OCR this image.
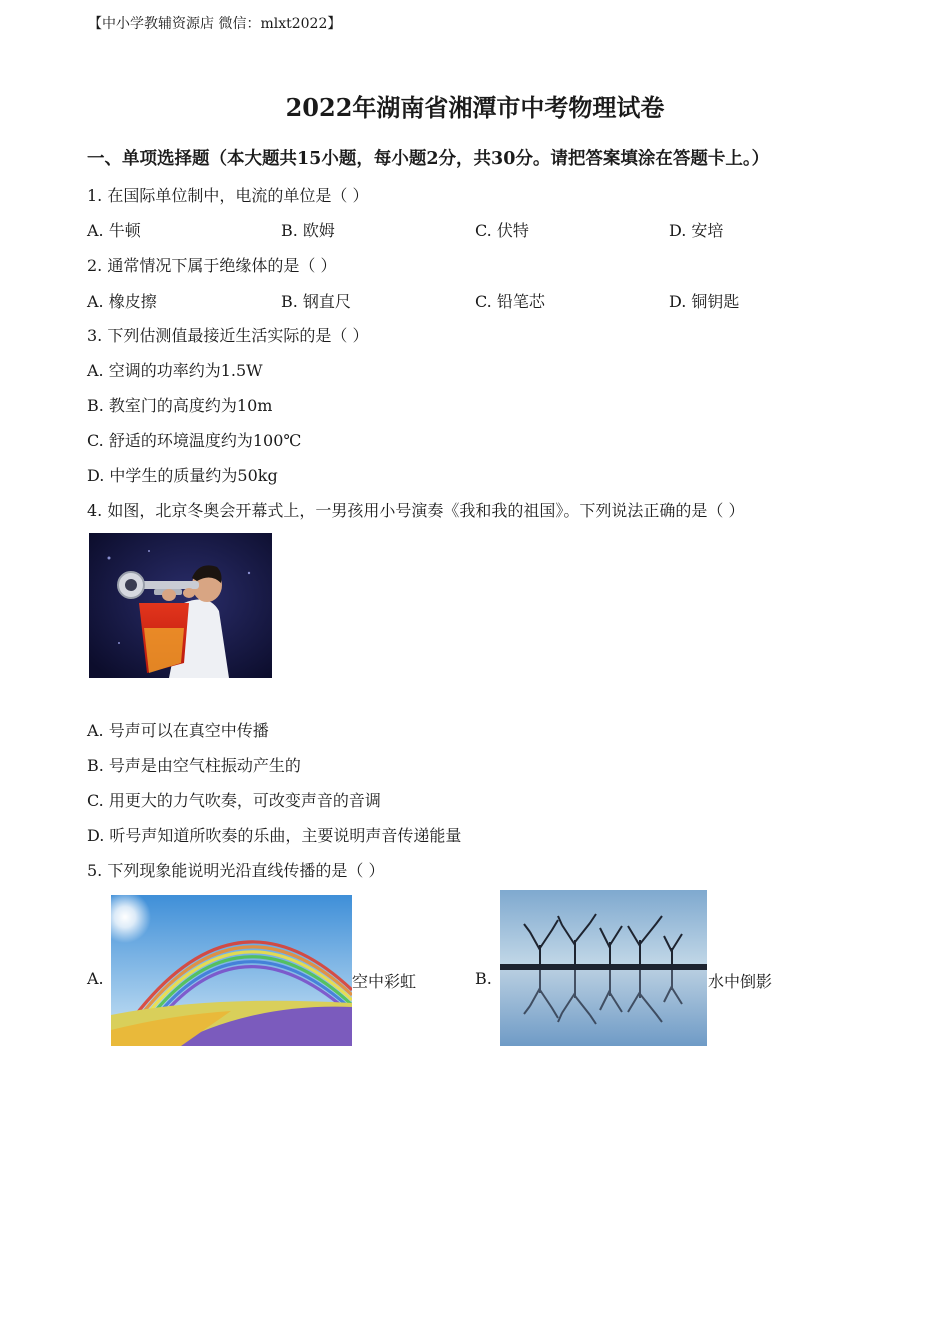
【中小学教辅资源店 微信：mlxt2022】
2022年湖南省湘潭市中考物理试卷
一、单项选择题（本大题共15小题，每小题2分，共30分。请把答案填涂在答题卡上。）
1. 在国际单位制中，电流的单位是（ ）
A. 牛顿	B. 欧姆	C. 伏特	D. 安培
2. 通常情况下属于绝缘体的是（ ）
A. 橡皮擦	B. 钢直尺	C. 铅笔芯	D. 铜钥匙
3. 下列估测值最接近生活实际的是（ ）
A. 空调的功率约为1.5W
B. 教室门的高度约为10m
C. 舒适的环境温度约为100℃
D. 中学生的质量约为50kg
4. 如图，北京冬奥会开幕式上，一男孩用小号演奏《我和我的祖国》。下列说法正确的是（ ）
A. 号声可以在真空中传播
B. 号声是由空气柱振动产生的
C. 用更大的力气吹奏，可改变声音的音调
D. 听号声知道所吹奏的乐曲，主要说明声音传递能量
5. 下列现象能说明光沿直线传播的是（ ）
A.	空中彩虹	B.	水中倒影
